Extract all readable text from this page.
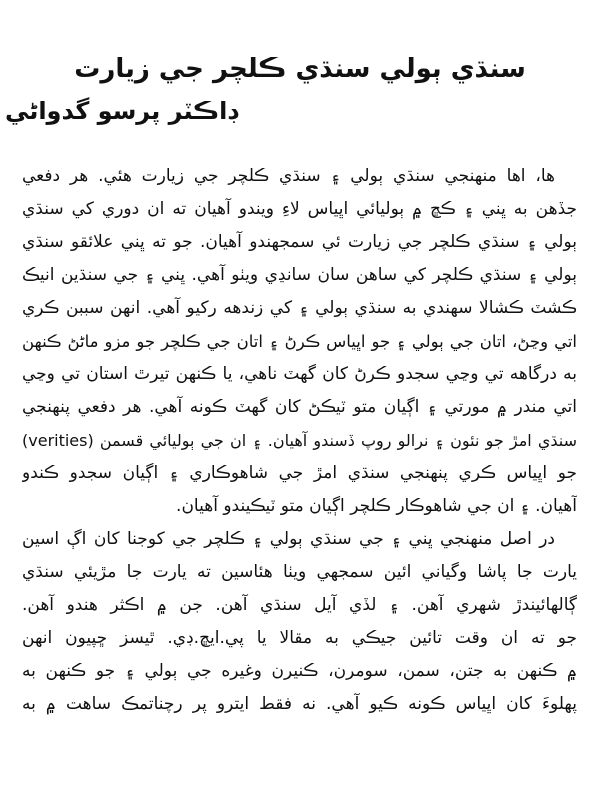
سنڌي ٻولي سنڌي ڪلچر جي زيارت
ڊاڪٽر پرسو گدواڻي
ها، اها منهنجي سنڌي ٻولي ۽ سنڌي ڪلچر جي زيارت هئي. هر دفعي
جڏهن به ڀني ۽ ڪڇ ۾ ٻوليائي اڀياس لاءِ ويندو آهيان ته ان دوري کي سنڌي
ٻولي ۽ سنڌي ڪلچر جي زيارت ئي سمجهندو آهيان. جو ته ڀني علائقو سنڌي
ٻولي ۽ سنڌي ڪلچر کي ساهن سان سانڍي ويٺو آهي. ڀني ۽ جي سنڌين انيڪ
ڪشٽ ڪشالا سهندي به سنڌي ٻولي ۽ کي زندهه رکيو آهي. انهن سببن ڪري
اتي وڃڻ، اتان جي ٻولي ۽ جو اڀياس ڪرڻ ۽ اتان جي ڪلچر جو مزو ماڻڻ ڪنهن
به درگاهه تي وڃي سجدو ڪرڻ کان گهٽ ناهي، يا ڪنهن تيرٿ استان تي وڃي
اتي مندر ۾ مورتي ۽ اڳيان متو ٽيڪڻ کان گهٽ ڪونه آهي. هر دفعي پنهنجي
سنڌي امڙ جو نئون ۽ نرالو روپ ڏسندو آهيان. ۽ ان جي ٻوليائي قسمن (verities)
جو اڀياس ڪري پنهنجي سنڌي امڙ جي شاهوڪاري ۽ اڳيان سجدو ڪندو
آهيان. ۽ ان جي شاهوڪار ڪلچر اڳيان متو ٽيڪيندو آهيان.
در اصل منهنجي ڀني ۽ جي سنڌي ٻولي ۽ ڪلچر جي کوجنا کان اڳ اسين
يارت جا پاشا وگياني ائين سمجهي ويٺا هئاسين ته يارت جا مڙيئي سنڌي
ڳالهائيندڙ شهري آهن. ۽ لڏي آيل سنڌي آهن. جن ۾ اڪثر هندو آهن.
جو ته ان وقت تائين جيڪي به مقالا يا پي.ايڇ.ڊي. ٿيسز ڇپيون انهن
۾ ڪنهن به جتن، سمن، سومرن، ڪنيرن وغيره جي ٻولي ۽ جو ڪنهن به
پهلوءَ کان اڀياس ڪونه ڪيو آهي. نه فقط ايترو پر رچناتمڪ ساهت ۾ به
